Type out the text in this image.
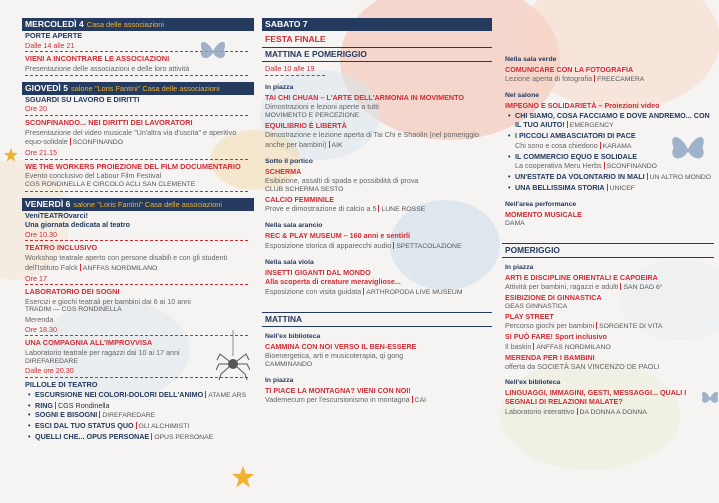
MERCOLEDÌ 4 Casa delle associazioni
PORTE APERTE
Dalle 14 alle 21
VIENI A INCONTRARE LE ASSOCIAZIONI
Presentazione delle associazioni e delle loro attività
GIOVEDÌ 5 salone "Loris Fantini" Casa delle associazioni
SGUARDI SU LAVORO E DIRITTI
Ore 20
SCONFINANDO... NEI DIRITTI DEI LAVORATORI
Presentazione del video musicale "Un'altra via d'uscita" e aperitivo equo-solidale SCONFINANDO
Ore 21.15
WE THE WORKERS PROIEZIONE DEL FILM DOCUMENTARIO
Evento conclusivo del Labour Film Festival
CGS RONDINELLA E CIRCOLO ACLI SAN CLEMENTE
VENERDÌ 6 salone "Loris Fantini" Casa delle associazioni
VeniTEATROvarci!
Una giornata dedicata al teatro
Ore 10.30
TEATRO INCLUSIVO
Workshop teatrale aperto con persone disabili e con gli studenti dell'Istituto Falck ANFFAS NORDMILANO
Ore 17
LABORATORIO DEI SOGNI
Esercizi e giochi teatrali per bambini dai 6 ai 10 anni
TRADIM — CGS RONDINELLA
Merenda
Ore 18.30
UNA COMPAGNIA ALL'IMPROVVISA
Laboratorio teatrale per ragazzi dai 10 ai 17 anni
DIREFAREDARE
Dalle ore 20.30
PILLOLE DI TEATRO
• ESCURSIONE NEI COLORI-DOLORI DELL'ANIMO ATAME ARS
• RING CGS Rondinella
• SOGNI E BISOGNI DIREFAREDARE
• ESCI DAL TUO STATUS QUO GLI ALCHIMISTI
• QUELLI CHE... OPUS PERSONAE OPUS PERSONAE
SABATO 7
FESTA FINALE
MATTINA E POMERIGGIO
Dalle 10 alle 19
In piazza
TAI CHI CHUAN – L'ARTE DELL'ARMONIA IN MOVIMENTO
Dimostrazioni e lezioni aperte a tutti
MOVIMENTO E PERCEZIONE
EQUILIBRIO È LIBERTÀ
Dimostrazione e lezione aperta di Tai Chi e Shaolin (nel pomeriggio anche per bambini) AIK
Sotto il portico
SCHERMA
Esibizione, assalti di spada e possibilità di prova
CLUB SCHERMA SESTO
CALCIO FEMMINILE
Prove e dimostrazione di calcio a 5 LUNE ROSSE
Nella sala arancio
REC & PLAY MUSEUM – 160 anni e sentirli
Esposizione storica di apparecchi audio SPETTACOLAZIONE
Nella sala viola
INSETTI GIGANTI DAL MONDO
Alla scoperta di creature meravigliose...
Esposizione con visita guidata ARTHROPODA LIVE MUSEUM
MATTINA
Nell'ex biblioteca
CAMMINA CON NOI VERSO IL BEN-ESSERE
Bioenergetica, arti e musicoterapia, qi gong
CAMMINANDO
In piazza
TI PIACE LA MONTAGNA? VIENI CON NOI!
Vademecum per l'escursionismo in montagna CAI
Nella sala verde
COMUNICARE CON LA FOTOGRAFIA
Lezione aperta di fotografia FREECAMERA
Nel salone
IMPEGNO E SOLIDARIETÀ – Proiezioni video
• CHI SIAMO, COSA FACCIAMO E DOVE ANDREMO... CON IL TUO AIUTO! EMERGENCY
• I PICCOLI AMBASCIATORI DI PACE
Chi sono e cosa chiedono KARAMA
• IL COMMERCIO EQUO E SOLIDALE
La cooperativa Meru Herbs SCONFINANDO
• UN'ESTATE DA VOLONTARIO IN MALI UN ALTRO MONDO
• UNA BELLISSIMA STORIA UNICEF
Nell'area performance
MOMENTO MUSICALE
DAMA
POMERIGGIO
In piazza
ARTI E DISCIPLINE ORIENTALI E CAPOEIRA
Attività per bambini, ragazzi e adulti SAN DAO 6°
ESIBIZIONE DI GINNASTICA
GEAS GINNASTICA
PLAY STREET
Percorso giochi per bambini SORGENTE DI VITA
SI PUÒ FARE! Sport inclusivo
Il baskin ANFFAS NORDMILANO
MERENDA PER I BAMBINI
offerta da SOCIETÀ SAN VINCENZO DE PAOLI
Nell'ex biblioteca
LINGUAGGI, IMMAGINI, GESTI, MESSAGGI... QUALI I SEGNALI DI RELAZIONI MALATE?
Laboratorio interattivo DA DONNA A DONNA
